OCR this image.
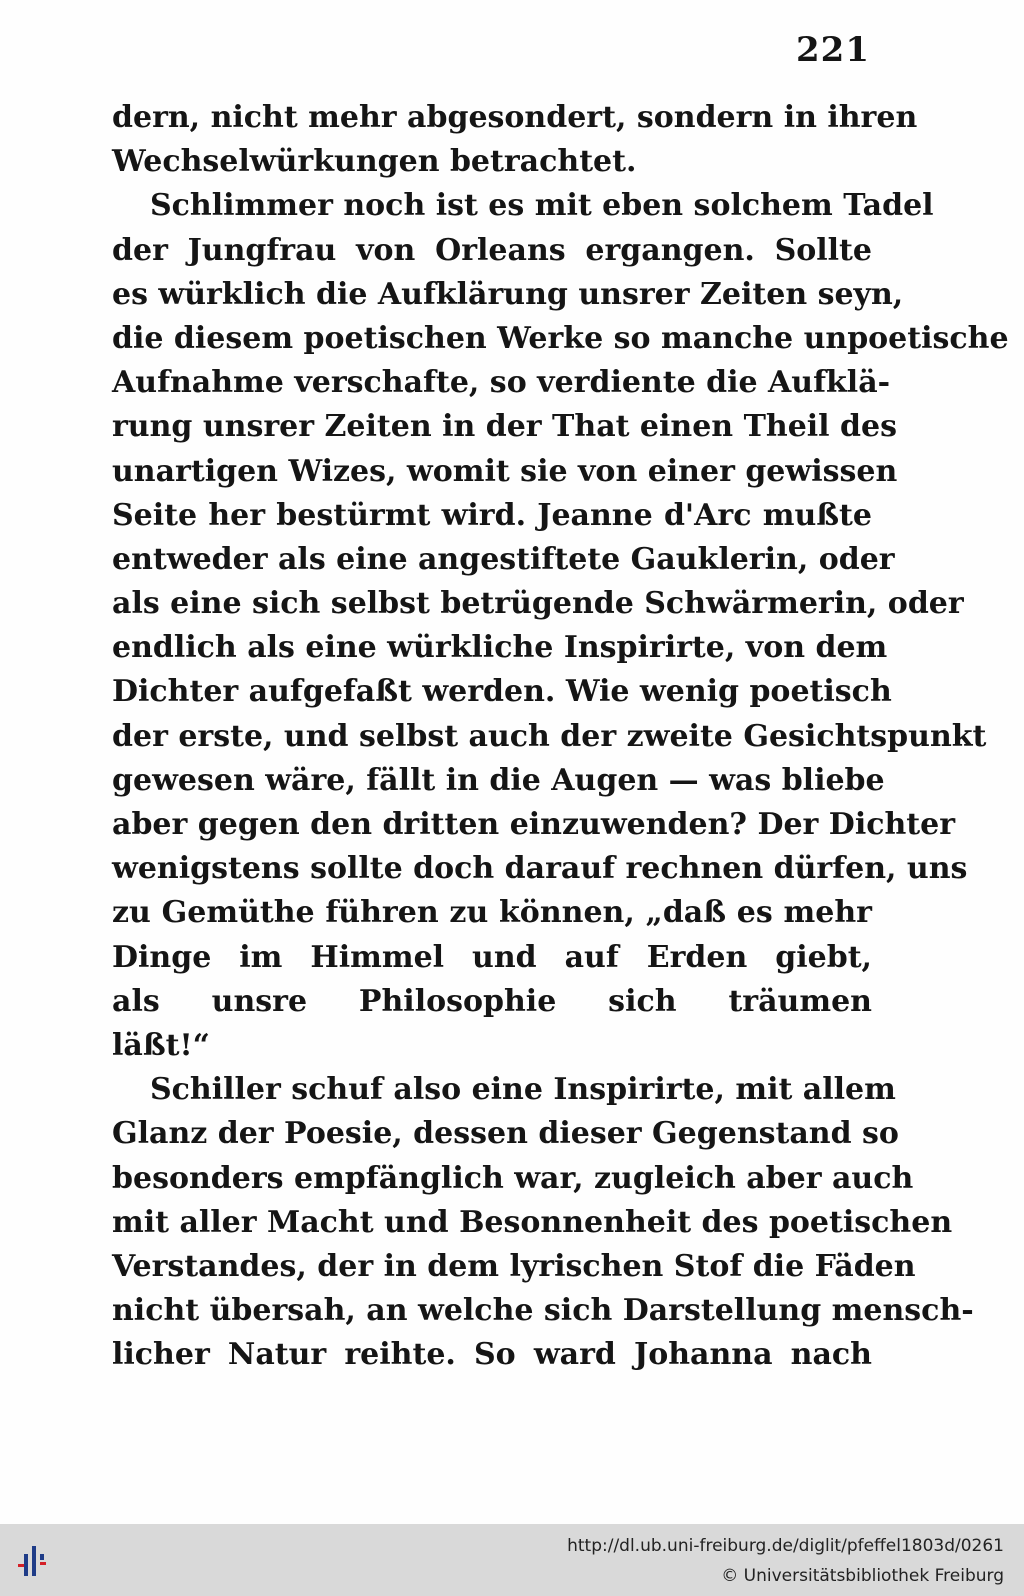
221
dern, nicht mehr abgesondert, sondern in ihren
Wechselwürkungen betrachtet.
Schlimmer noch ist es mit eben solchem Tadel
der Jungfrau von Orleans ergangen. Sollte
es würklich die Aufklärung unsrer Zeiten seyn,
die diesem poetischen Werke so manche unpoetische
Aufnahme verschafte, so verdiente die Aufklä-
rung unsrer Zeiten in der That einen Theil des
unartigen Wizes, womit sie von einer gewissen
Seite her bestürmt wird. Jeanne d'Arc mußte
entweder als eine angestiftete Gauklerin, oder
als eine sich selbst betrügende Schwärmerin, oder
endlich als eine würkliche Inspirirte, von dem
Dichter aufgefaßt werden. Wie wenig poetisch
der erste, und selbst auch der zweite Gesichtspunkt
gewesen wäre, fällt in die Augen — was bliebe
aber gegen den dritten einzuwenden? Der Dichter
wenigstens sollte doch darauf rechnen dürfen, uns
zu Gemüthe führen zu können, „daß es mehr
Dinge im Himmel und auf Erden giebt,
als unsre Philosophie sich träumen
läßt!“
Schiller schuf also eine Inspirirte, mit allem
Glanz der Poesie, dessen dieser Gegenstand so
besonders empfänglich war, zugleich aber auch
mit aller Macht und Besonnenheit des poetischen
Verstandes, der in dem lyrischen Stof die Fäden
nicht übersah, an welche sich Darstellung mensch-
licher Natur reihte. So ward Johanna nach
http://dl.ub.uni-freiburg.de/diglit/pfeffel1803d/0261
© Universitätsbibliothek Freiburg
